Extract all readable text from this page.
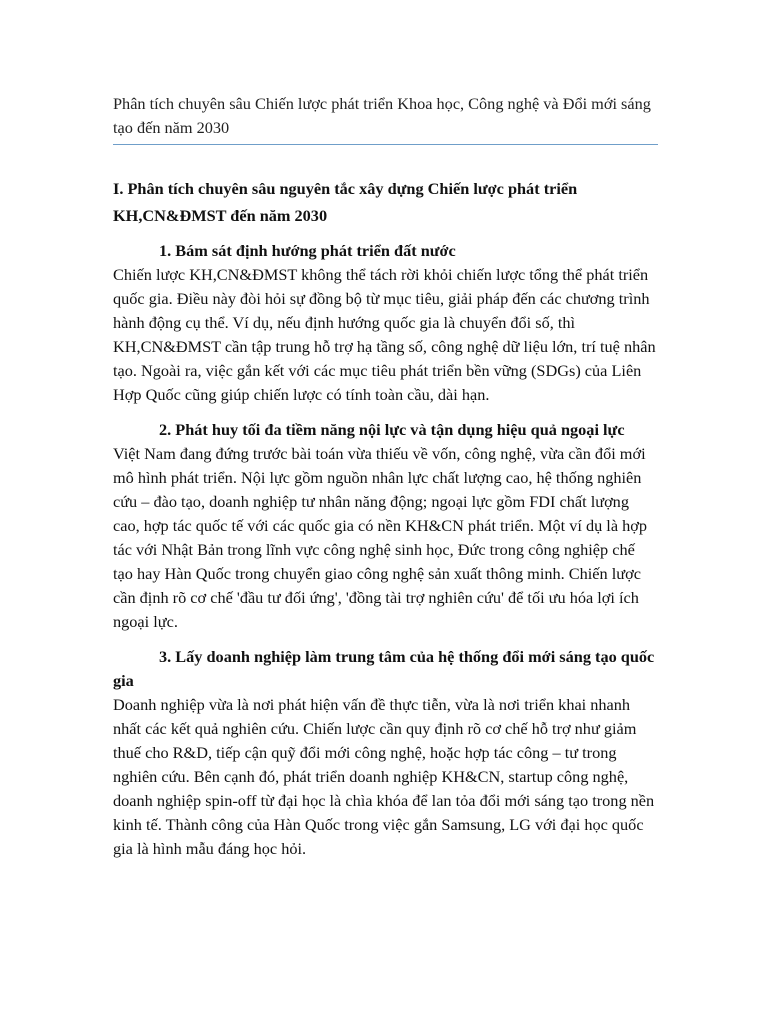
Phân tích chuyên sâu Chiến lược phát triển Khoa học, Công nghệ và Đổi mới sáng tạo đến năm 2030

I. Phân tích chuyên sâu nguyên tắc xây dựng Chiến lược phát triển KH,CN&ĐMST đến năm 2030

1. Bám sát định hướng phát triển đất nước

Chiến lược KH,CN&ĐMST không thể tách rời khỏi chiến lược tổng thể phát triển quốc gia. Điều này đòi hỏi sự đồng bộ từ mục tiêu, giải pháp đến các chương trình hành động cụ thể. Ví dụ, nếu định hướng quốc gia là chuyển đổi số, thì KH,CN&ĐMST cần tập trung hỗ trợ hạ tầng số, công nghệ dữ liệu lớn, trí tuệ nhân tạo. Ngoài ra, việc gắn kết với các mục tiêu phát triển bền vững (SDGs) của Liên Hợp Quốc cũng giúp chiến lược có tính toàn cầu, dài hạn.

2. Phát huy tối đa tiềm năng nội lực và tận dụng hiệu quả ngoại lực

Việt Nam đang đứng trước bài toán vừa thiếu về vốn, công nghệ, vừa cần đổi mới mô hình phát triển. Nội lực gồm nguồn nhân lực chất lượng cao, hệ thống nghiên cứu – đào tạo, doanh nghiệp tư nhân năng động; ngoại lực gồm FDI chất lượng cao, hợp tác quốc tế với các quốc gia có nền KH&CN phát triển. Một ví dụ là hợp tác với Nhật Bản trong lĩnh vực công nghệ sinh học, Đức trong công nghiệp chế tạo hay Hàn Quốc trong chuyển giao công nghệ sản xuất thông minh. Chiến lược cần định rõ cơ chế 'đầu tư đối ứng', 'đồng tài trợ nghiên cứu' để tối ưu hóa lợi ích ngoại lực.

3. Lấy doanh nghiệp làm trung tâm của hệ thống đổi mới sáng tạo quốc gia

Doanh nghiệp vừa là nơi phát hiện vấn đề thực tiễn, vừa là nơi triển khai nhanh nhất các kết quả nghiên cứu. Chiến lược cần quy định rõ cơ chế hỗ trợ như giảm thuế cho R&D, tiếp cận quỹ đổi mới công nghệ, hoặc hợp tác công – tư trong nghiên cứu. Bên cạnh đó, phát triển doanh nghiệp KH&CN, startup công nghệ, doanh nghiệp spin-off từ đại học là chìa khóa để lan tỏa đổi mới sáng tạo trong nền kinh tế. Thành công của Hàn Quốc trong việc gắn Samsung, LG với đại học quốc gia là hình mẫu đáng học hỏi.
